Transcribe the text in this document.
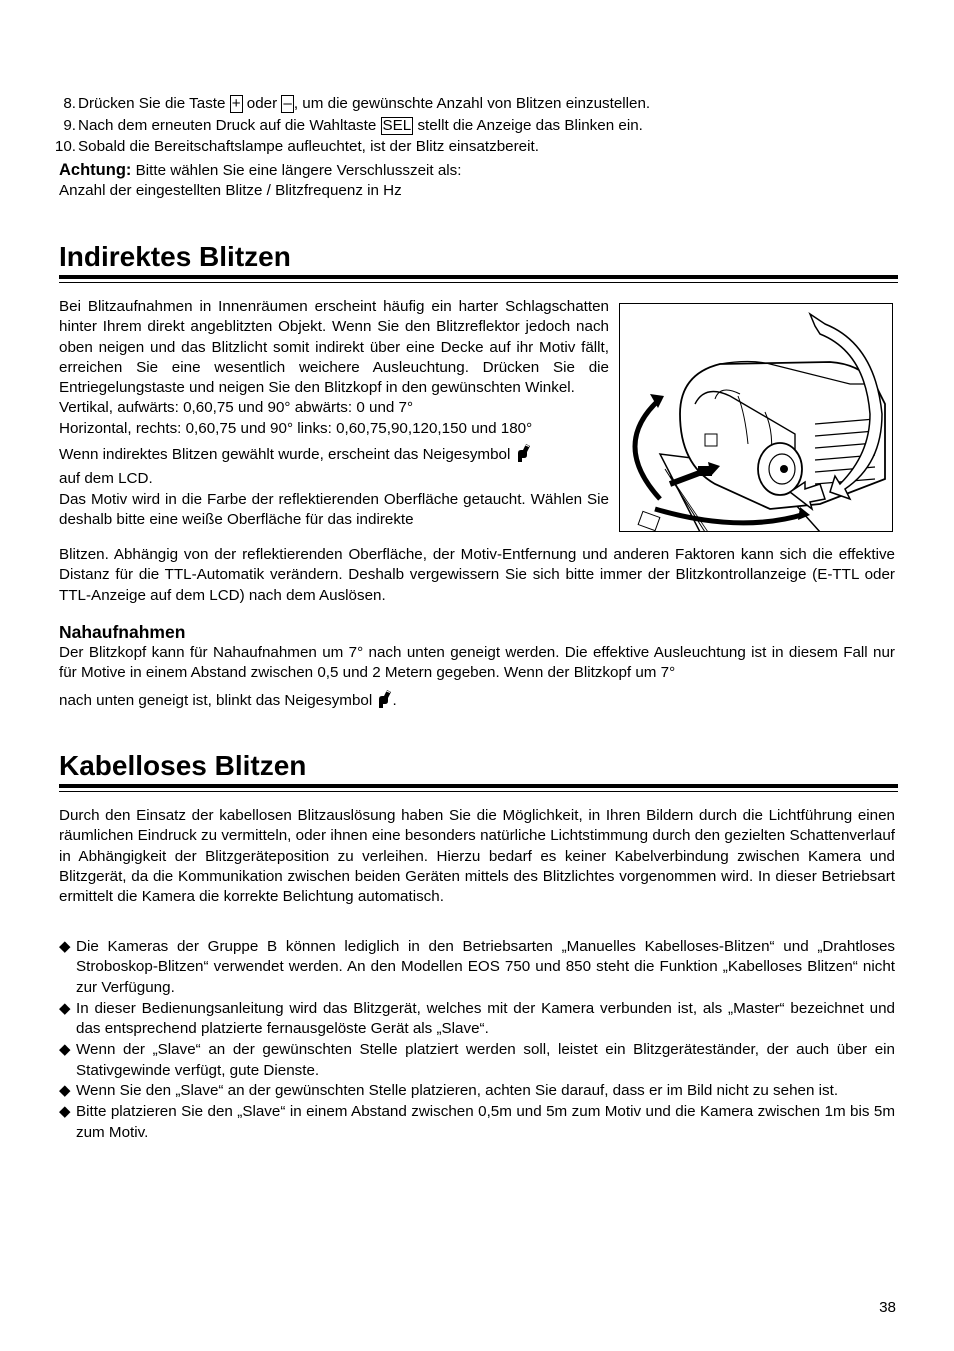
8. Drücken Sie die Taste + oder – , um die gewünschte Anzahl von Blitzen einzustellen.
9. Nach dem erneuten Druck auf die Wahltaste SEL stellt die Anzeige das Blinken ein.
10. Sobald die Bereitschaftslampe aufleuchtet, ist der Blitz einsatzbereit.
Achtung: Bitte wählen Sie eine längere Verschlusszeit als:
Anzahl der eingestellten Blitze / Blitzfrequenz in Hz
Indirektes Blitzen
Bei Blitzaufnahmen in Innenräumen erscheint häufig ein harter Schlagschatten hinter Ihrem direkt angeblitzten Objekt. Wenn Sie den Blitzreflektor jedoch nach oben neigen und das Blitzlicht somit indirekt über eine Decke auf ihr Motiv fällt, erreichen Sie eine wesentlich weichere Ausleuchtung. Drücken Sie die Entriegelungstaste und neigen Sie den Blitzkopf in den gewünschten Winkel.
Vertikal, aufwärts: 0,60,75 und 90° abwärts: 0 und 7°
Horizontal, rechts: 0,60,75 und 90° links: 0,60,75,90,120,150 und 180°
Wenn indirektes Blitzen gewählt wurde, erscheint das Neigesymbol
auf dem LCD.
Das Motiv wird in die Farbe der reflektierenden Oberfläche getaucht. Wählen Sie deshalb bitte eine weiße Oberfläche für das indirekte
Blitzen. Abhängig von der reflektierenden Oberfläche, der Motiv-Entfernung und anderen Faktoren kann sich die effektive Distanz für die TTL-Automatik verändern. Deshalb vergewissern Sie sich bitte immer der Blitzkontrollanzeige (E-TTL oder TTL-Anzeige auf dem LCD) nach dem Auslösen.
Nahaufnahmen
Der Blitzkopf kann für Nahaufnahmen um 7° nach unten geneigt werden. Die effektive Ausleuchtung ist in diesem Fall nur für Motive in einem Abstand zwischen 0,5 und 2 Metern gegeben. Wenn der Blitzkopf um 7°
nach unten geneigt ist, blinkt das Neigesymbol .
Kabelloses Blitzen
Durch den Einsatz der kabellosen Blitzauslösung haben Sie die Möglichkeit, in Ihren Bildern durch die Lichtführung einen räumlichen Eindruck zu vermitteln, oder ihnen eine besonders natürliche Lichtstimmung durch den gezielten Schattenverlauf in Abhängigkeit der Blitzgeräteposition zu verleihen. Hierzu bedarf es keiner Kabelverbindung zwischen Kamera und Blitzgerät, da die Kommunikation zwischen beiden Geräten mittels des Blitzlichtes vorgenommen wird. In dieser Betriebsart ermittelt die Kamera die korrekte Belichtung automatisch.
◆ Die Kameras der Gruppe B können lediglich in den Betriebsarten „Manuelles Kabelloses-Blitzen“ und „Drahtloses Stroboskop-Blitzen“ verwendet werden. An den Modellen EOS 750 und 850 steht die Funktion „Kabelloses Blitzen“ nicht zur Verfügung.
◆ In dieser Bedienungsanleitung wird das Blitzgerät, welches mit der Kamera verbunden ist, als „Master“ bezeichnet und das entsprechend platzierte fernausgelöste Gerät als „Slave“.
◆ Wenn der „Slave“ an der gewünschten Stelle platziert werden soll, leistet ein Blitzgeräteständer, der auch über ein Stativgewinde verfügt, gute Dienste.
◆ Wenn Sie den „Slave“ an der gewünschten Stelle platzieren, achten Sie darauf, dass er im Bild nicht zu sehen ist.
◆ Bitte platzieren Sie den „Slave“ in einem Abstand zwischen 0,5m und 5m zum Motiv und die Kamera zwischen 1m bis 5m zum Motiv.
38
